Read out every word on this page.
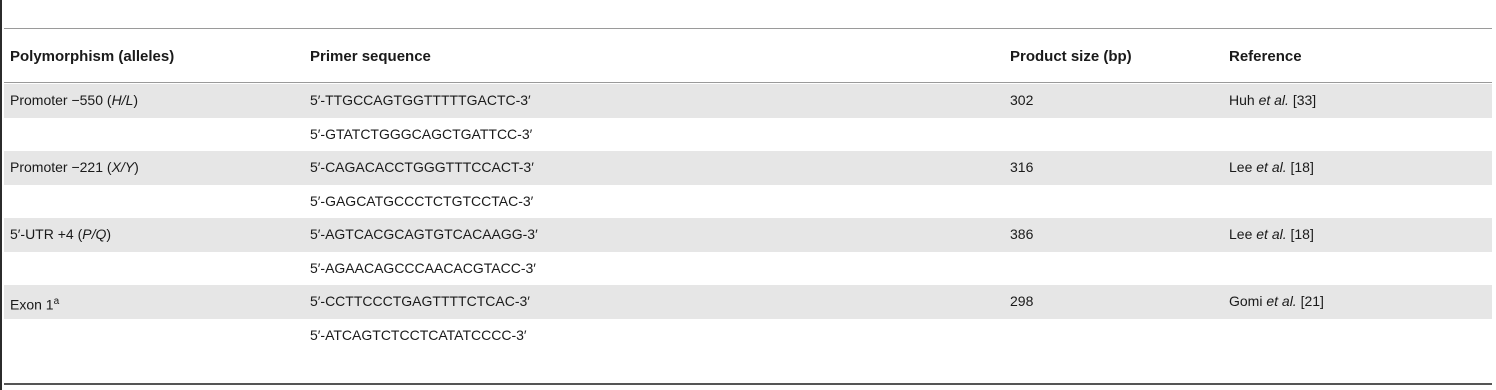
Polymorphism (alleles)	Primer sequence	Product size (bp)	Reference
Promoter −550 (H/L)	5′-TTGCCAGTGGTTTTTGACTC-3′	302	Huh et al. [33]
5′-GTATCTGGGCAGCTGATTCC-3′
Promoter −221 (X/Y)	5′-CAGACACCTGGGTTTCCACT-3′	316	Lee et al. [18]
5′-GAGCATGCCCTCTGTCCTAC-3′
5′-UTR +4 (P/Q)	5′-AGTCACGCAGTGTCACAAGG-3′	386	Lee et al. [18]
5′-AGAACAGCCCAACACGTACC-3′
Exon 1$^a$	5′-CCTTCCCTGAGTTTTCTCAC-3′	298	Gomi et al. [21]
5′-ATCAGTCTCCTCATATCCCC-3′
